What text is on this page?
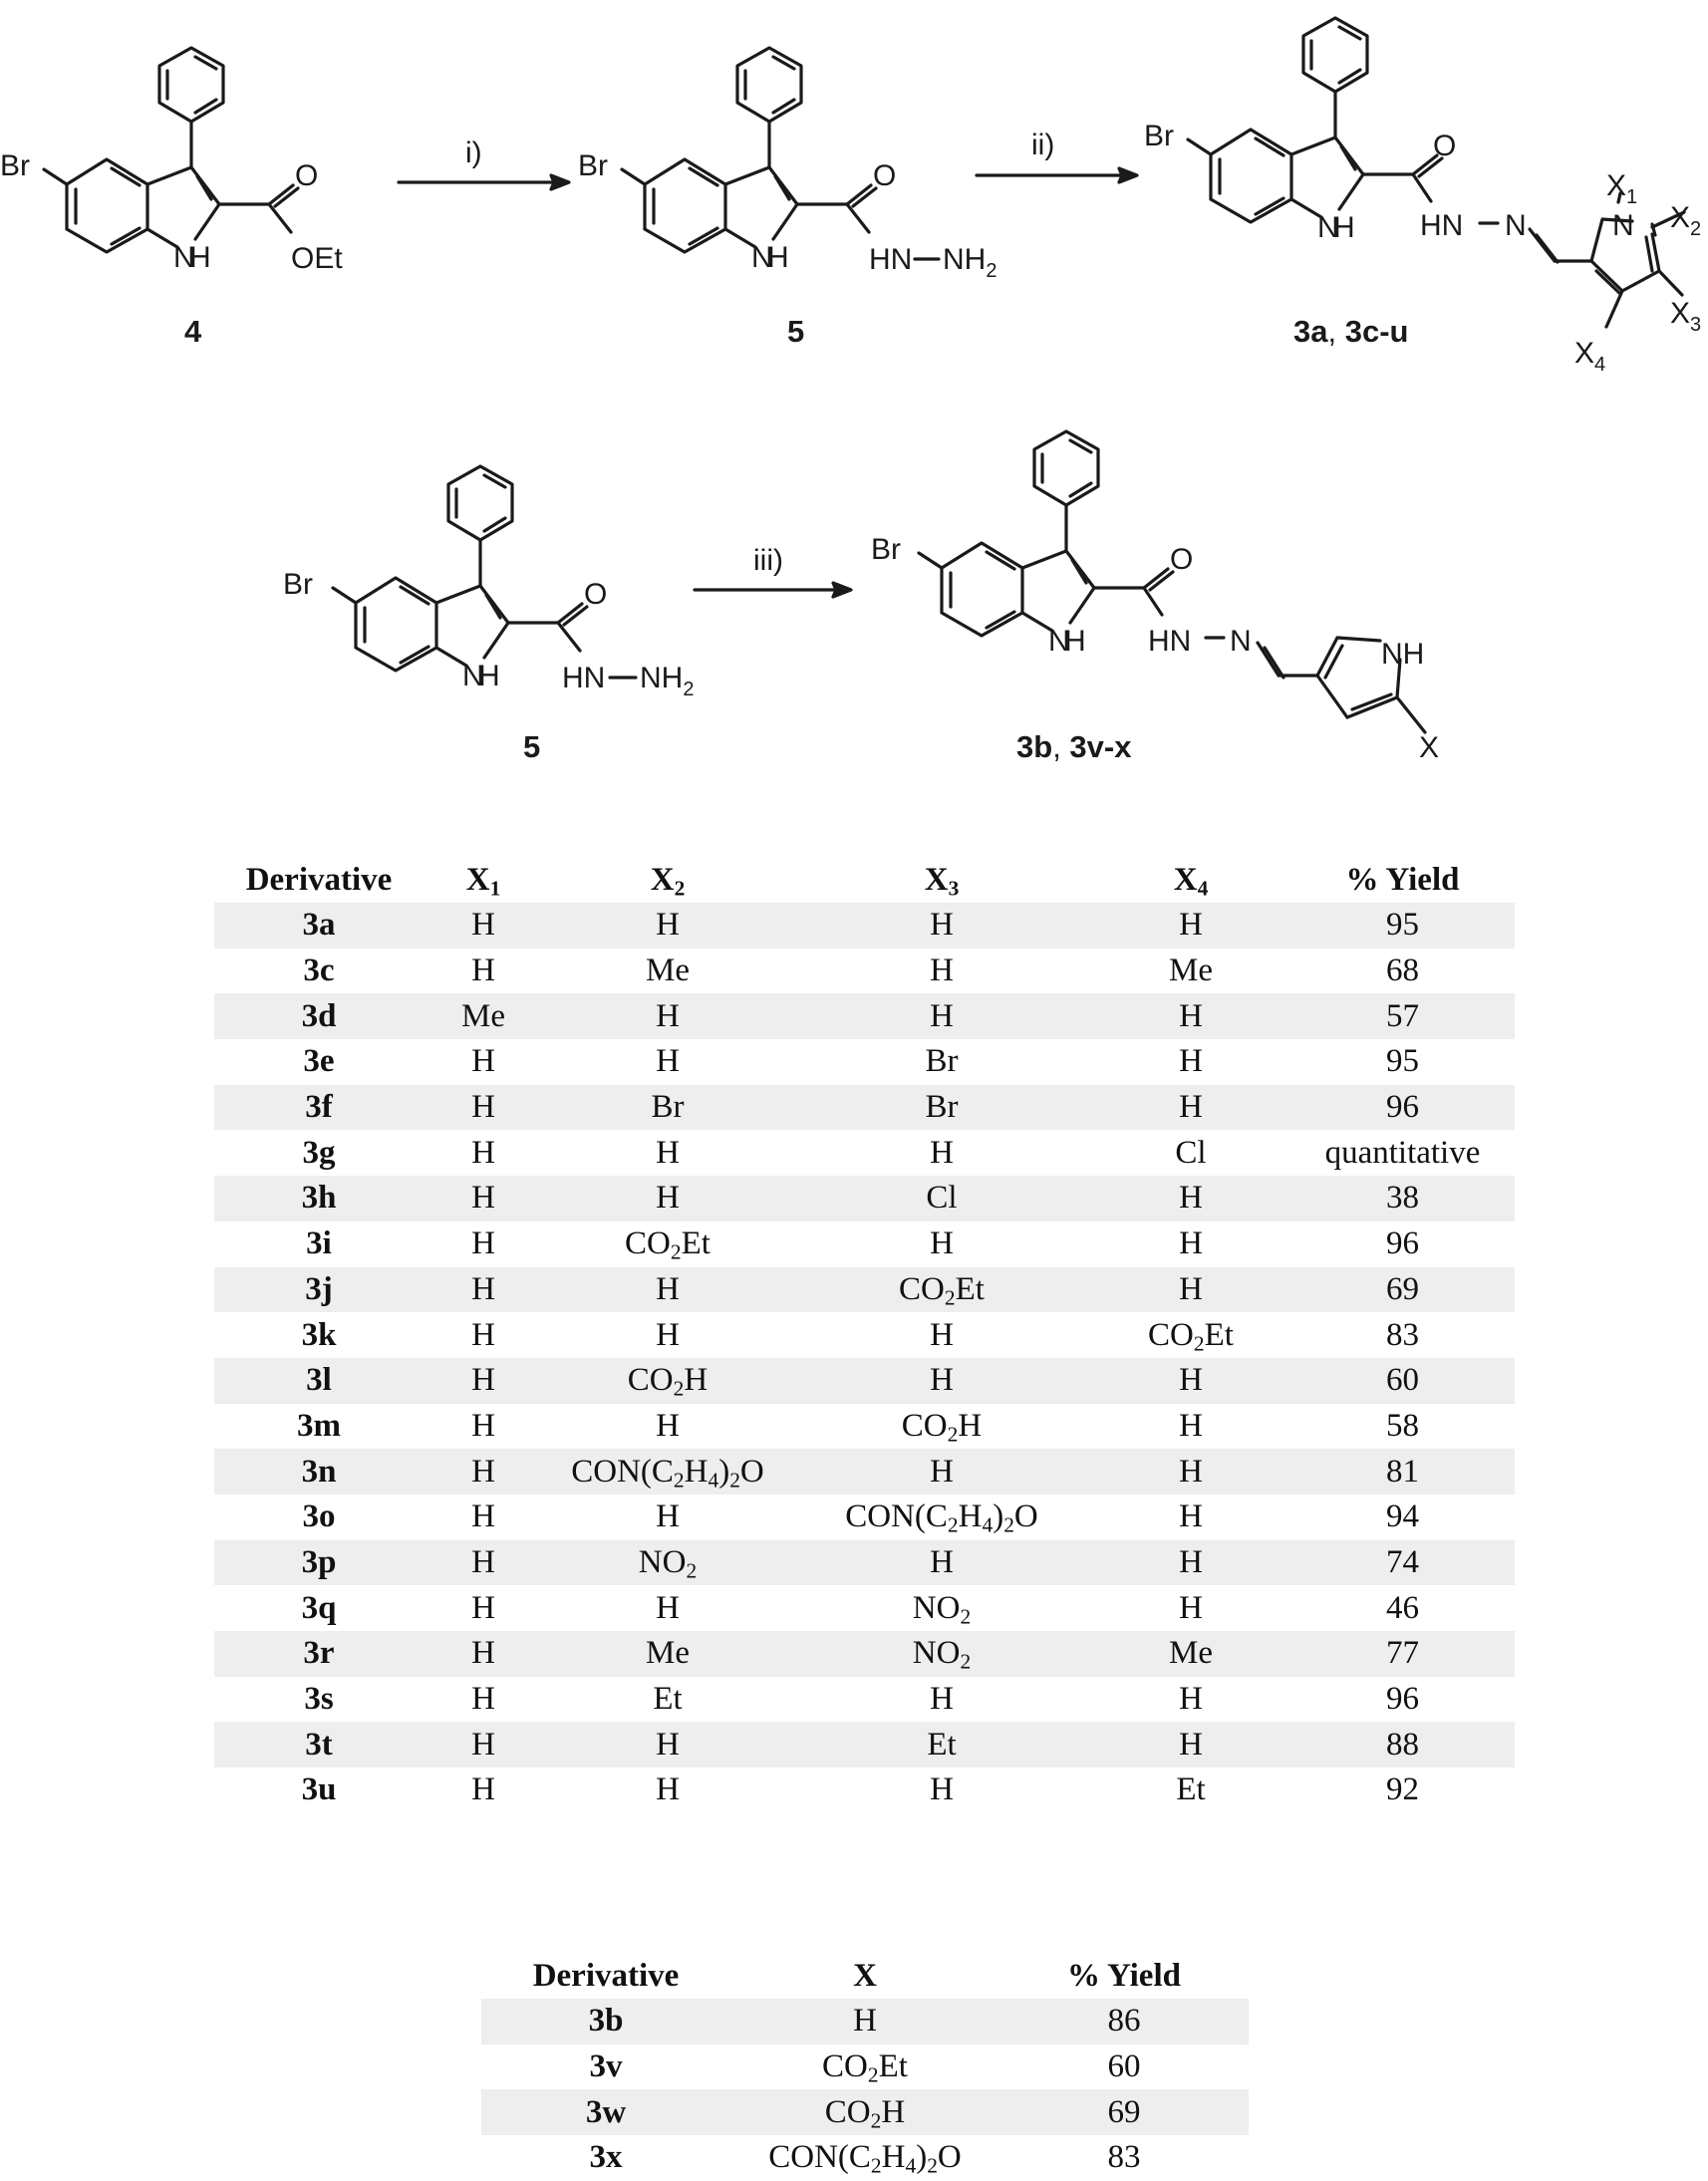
Br
N
H
O
OEt
4
i)	Br
N
H
O
HN $NH_2$
5
ii)	Br
N
H
O
HN N	N
$X_1$
$X_2$
$X_3$
$X_4$
3a, 3c-u
Br
N
H
O
HN $NH_2$
5
iii)	Br
N
H
O
HN N	NH
X
3b, 3v-x
Derivative	$X_1$	$X_2$	$X_3$	$X_4$	% Yield
3a	H	H	H	H	95
3c	H	Me	H	Me	68
3d	Me	H	H	H	57
3e	H	H	Br	H	95
3f	H	Br	Br	H	96
3g	H	H	H	Cl	quantitative
3h	H	H	Cl	H	38
3i	H	$CO_2Et$	H	H	96
3j	H	H	$CO_2Et$	H	69
3k	H	H	H	$CO_2Et$	83
3l	H	$CO_2H$	H	H	60
3m	H	H	$CO_2H$	H	58
3n	H	$CON(C_2H_4)_2O$	H	H	81
3o	H	H	$CON(C_2H_4)_2O$	H	94
3p	H	$NO_2$	H	H	74
3q	H	H	$NO_2$	H	46
3r	H	Me	$NO_2$	Me	77
3s	H	Et	H	H	96
3t	H	H	Et	H	88
3u	H	H	H	Et	92
Derivative	X	% Yield
3b	H	86
3v	$CO_2Et$	60
3w	$CO_2H$	69
3x	$CON(C_2H_4)_2O$	83
